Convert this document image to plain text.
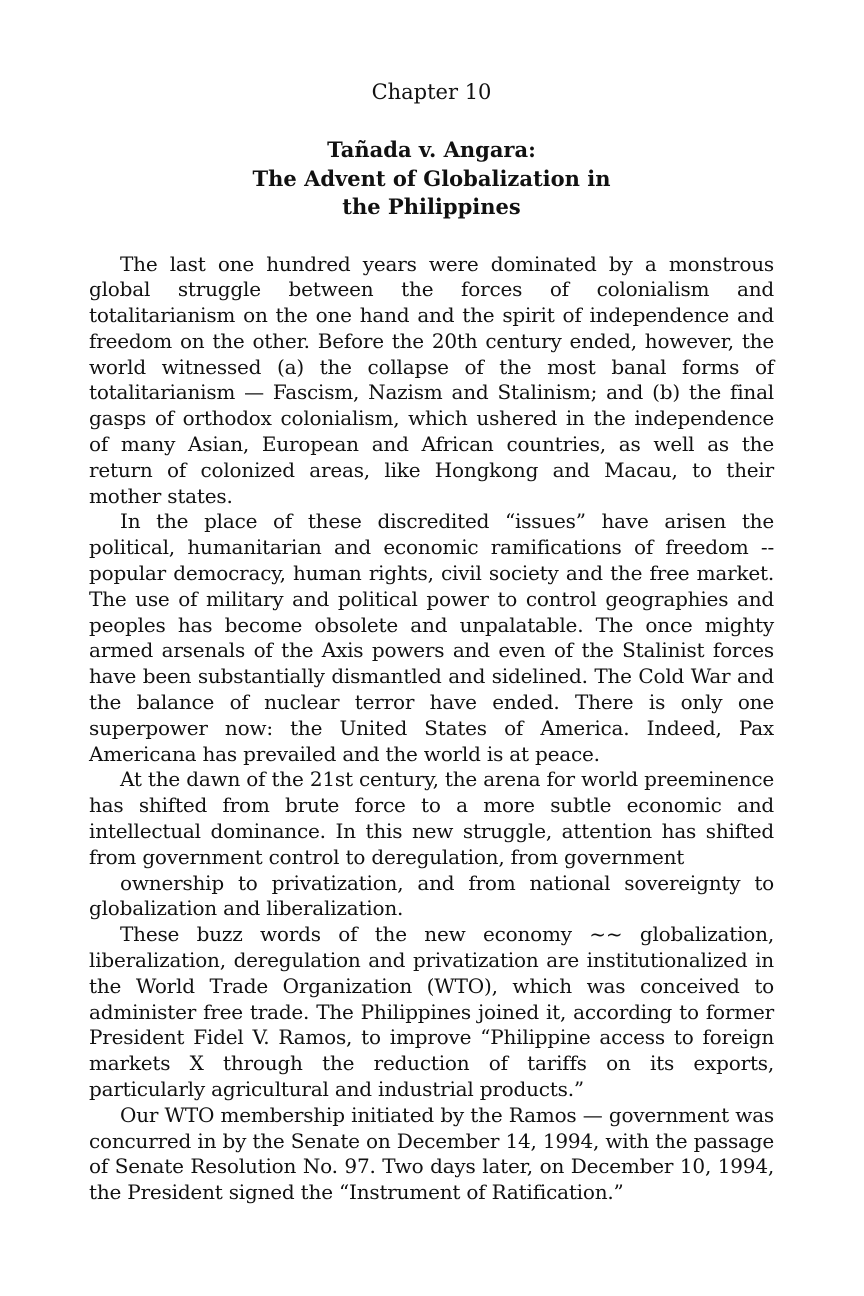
Chapter 10

Tañada v. Angara:
The Advent of Globalization in
the Philippines

The last one hundred years were dominated by a monstrous global struggle between the forces of colonialism and totalitarianism on the one hand and the spirit of independence and freedom on the other. Before the 20th century ended, however, the world witnessed (a) the collapse of the most banal forms of totalitarianism — Fascism, Nazism and Stalinism; and (b) the final gasps of orthodox colonialism, which ushered in the independence of many Asian, European and African countries, as well as the return of colonized areas, like Hongkong and Macau, to their mother states.

In the place of these discredited “issues” have arisen the political, humanitarian and economic ramifications of freedom -- popular democracy, human rights, civil society and the free market. The use of military and political power to control geographies and peoples has become obsolete and unpalatable. The once mighty armed arsenals of the Axis powers and even of the Stalinist forces have been substantially dismantled and sidelined. The Cold War and the balance of nuclear terror have ended. There is only one superpower now: the United States of America. Indeed, Pax Americana has prevailed and the world is at peace.

At the dawn of the 21st century, the arena for world preeminence has shifted from brute force to a more subtle economic and intellectual dominance. In this new struggle, attention has shifted from government control to deregulation, from government

ownership to privatization, and from national sovereignty to globalization and liberalization.

These buzz words of the new economy ~~ globalization, liberalization, deregulation and privatization are institutionalized in the World Trade Organization (WTO), which was conceived to administer free trade. The Philippines joined it, according to former President Fidel V. Ramos, to improve “Philippine access to foreign markets X through the reduction of tariffs on its exports, particularly agricultural and industrial products.”

Our WTO membership initiated by the Ramos — government was concurred in by the Senate on December 14, 1994, with the passage of Senate Resolution No. 97. Two days later, on December 10, 1994, the President signed the “Instrument of Ratification.”
